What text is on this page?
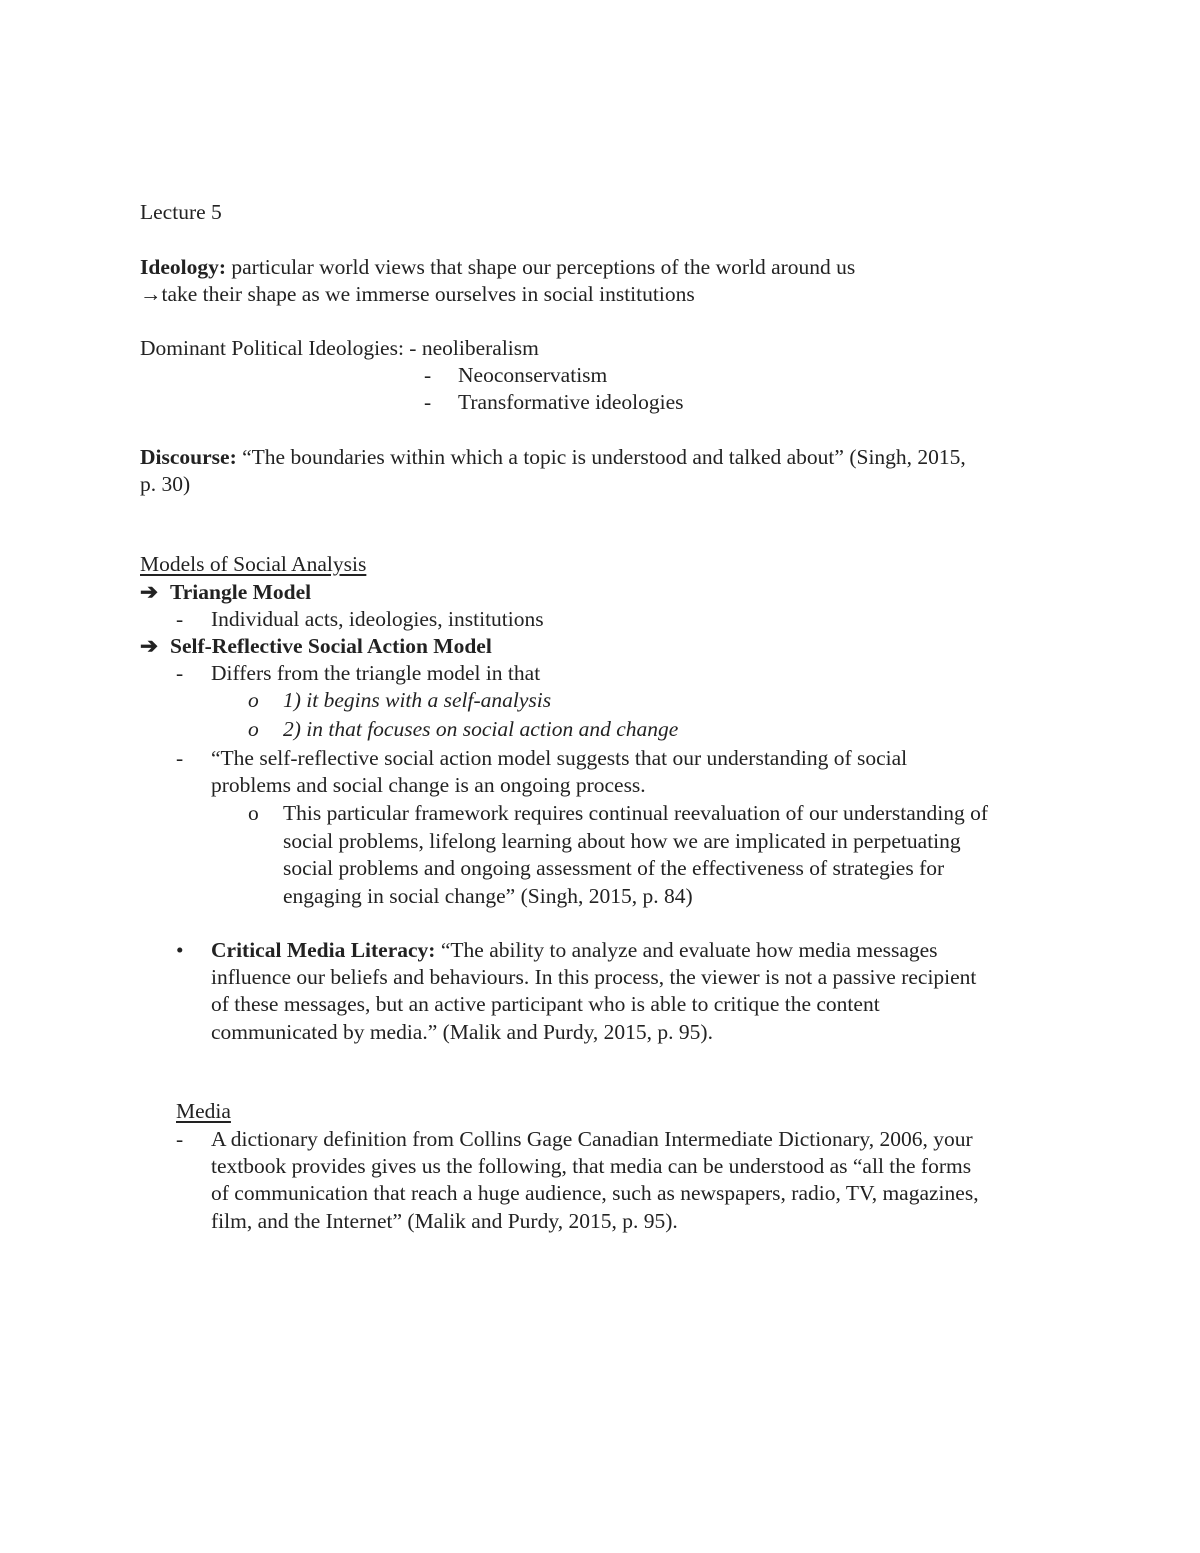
Lecture 5
Ideology: particular world views that shape our perceptions of the world around us
→take their shape as we immerse ourselves in social institutions
Dominant Political Ideologies: - neoliberalism
- Neoconservatism
- Transformative ideologies
Discourse: “The boundaries within which a topic is understood and talked about” (Singh, 2015,
p. 30)
Models of Social Analysis
➔ Triangle Model
- Individual acts, ideologies, institutions
➔ Self-Reflective Social Action Model
- Differs from the triangle model in that
o 1) it begins with a self-analysis
o 2) in that focuses on social action and change
- “The self-reflective social action model suggests that our understanding of social
problems and social change is an ongoing process.
o This particular framework requires continual reevaluation of our understanding of
social problems, lifelong learning about how we are implicated in perpetuating
social problems and ongoing assessment of the effectiveness of strategies for
engaging in social change” (Singh, 2015, p. 84)
• Critical Media Literacy: “The ability to analyze and evaluate how media messages
influence our beliefs and behaviours. In this process, the viewer is not a passive recipient
of these messages, but an active participant who is able to critique the content
communicated by media.” (Malik and Purdy, 2015, p. 95).
Media
- A dictionary definition from Collins Gage Canadian Intermediate Dictionary, 2006, your
textbook provides gives us the following, that media can be understood as “all the forms
of communication that reach a huge audience, such as newspapers, radio, TV, magazines,
film, and the Internet” (Malik and Purdy, 2015, p. 95).
